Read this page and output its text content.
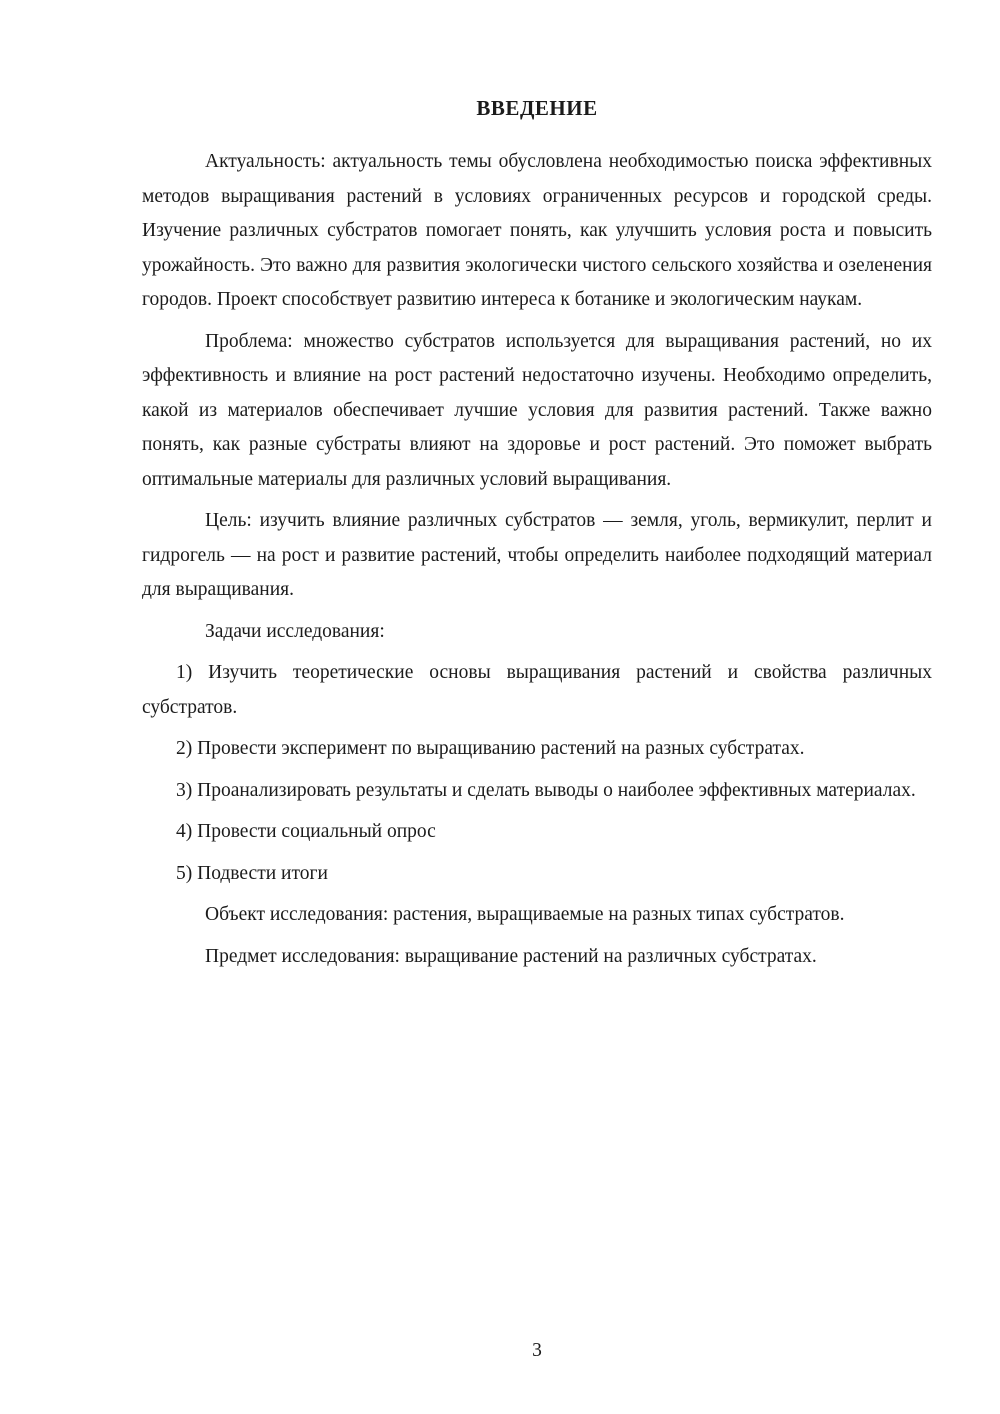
ВВЕДЕНИЕ

Актуальность: актуальность темы обусловлена необходимостью поиска эффективных методов выращивания растений в условиях ограниченных ресурсов и городской среды. Изучение различных субстратов помогает понять, как улучшить условия роста и повысить урожайность. Это важно для развития экологически чистого сельского хозяйства и озеленения городов. Проект способствует развитию интереса к ботанике и экологическим наукам.

Проблема: множество субстратов используется для выращивания растений, но их эффективность и влияние на рост растений недостаточно изучены. Необходимо определить, какой из материалов обеспечивает лучшие условия для развития растений. Также важно понять, как разные субстраты влияют на здоровье и рост растений. Это поможет выбрать оптимальные материалы для различных условий выращивания.

Цель: изучить влияние различных субстратов — земля, уголь, вермикулит, перлит и гидрогель — на рост и развитие растений, чтобы определить наиболее подходящий материал для выращивания.

Задачи исследования:

1) Изучить теоретические основы выращивания растений и свойства различных субстратов.

2) Провести эксперимент по выращиванию растений на разных субстратах.

3) Проанализировать результаты и сделать выводы о наиболее эффективных материалах.

4) Провести социальный опрос

5) Подвести итоги

Объект исследования: растения, выращиваемые на разных типах субстратов.

Предмет исследования: выращивание растений на различных субстратах.

3
